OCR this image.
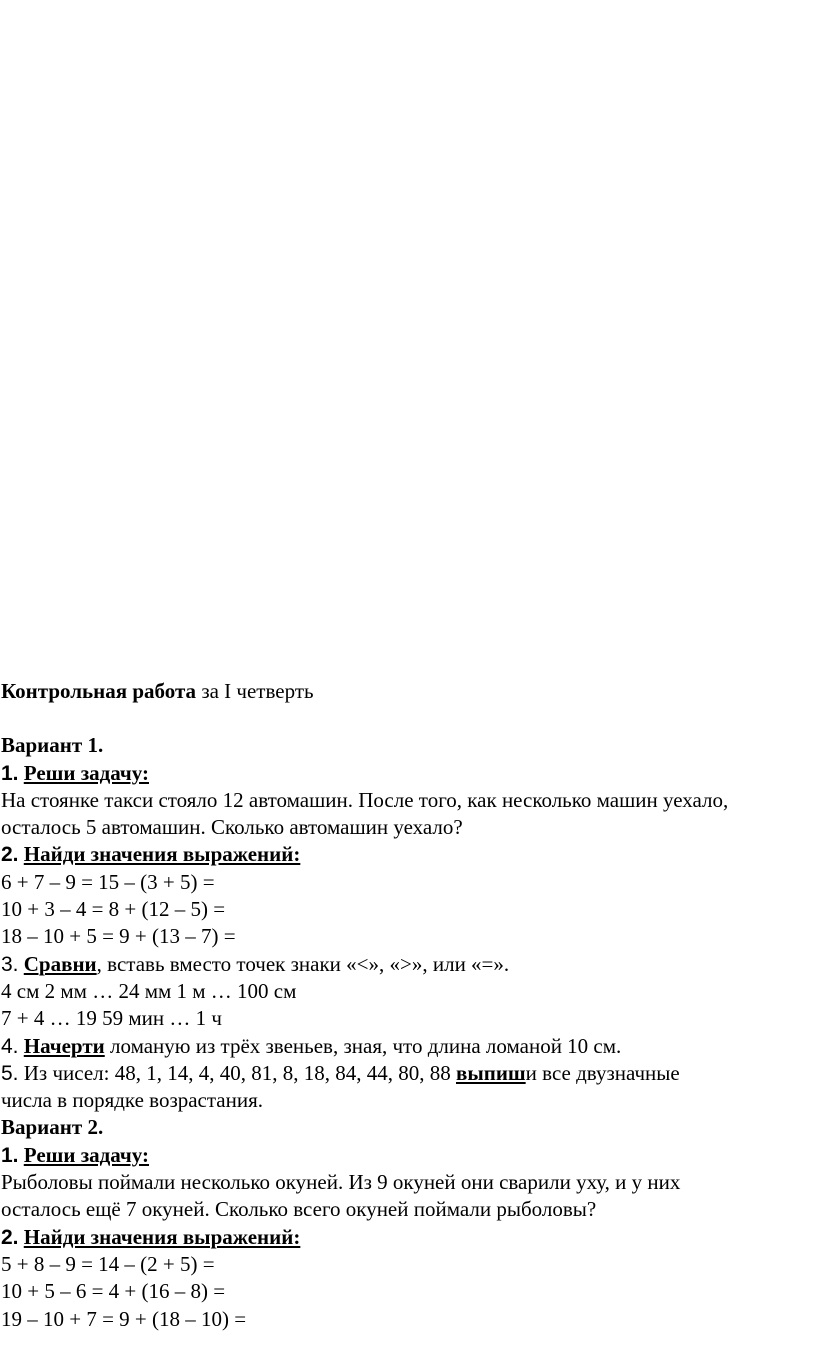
Контрольная работа за I четверть
Вариант 1.
1. Реши задачу:
На стоянке такси стояло 12 автомашин. После того, как несколько машин уехало,
осталось 5 автомашин. Сколько автомашин уехало?
2. Найди значения выражений:
6 + 7 – 9 = 15 – (3 + 5) =
10 + 3 – 4 = 8 + (12 – 5) =
18 – 10 + 5 = 9 + (13 – 7) =
3. Сравни, вставь вместо точек знаки «<», «>», или «=».
4 см 2 мм … 24 мм 1 м … 100 см
7 + 4 … 19 59 мин … 1 ч
4. Начерти ломаную из трёх звеньев, зная, что длина ломаной 10 см.
5. Из чисел: 48, 1, 14, 4, 40, 81, 8, 18, 84, 44, 80, 88 выпиши все двузначные
числа в порядке возрастания.
Вариант 2.
1. Реши задачу:
Рыболовы поймали несколько окуней. Из 9 окуней они сварили уху, и у них
осталось ещё 7 окуней. Сколько всего окуней поймали рыболовы?
2. Найди значения выражений:
5 + 8 – 9 = 14 – (2 + 5) =
10 + 5 – 6 = 4 + (16 – 8) =
19 – 10 + 7 = 9 + (18 – 10) =
